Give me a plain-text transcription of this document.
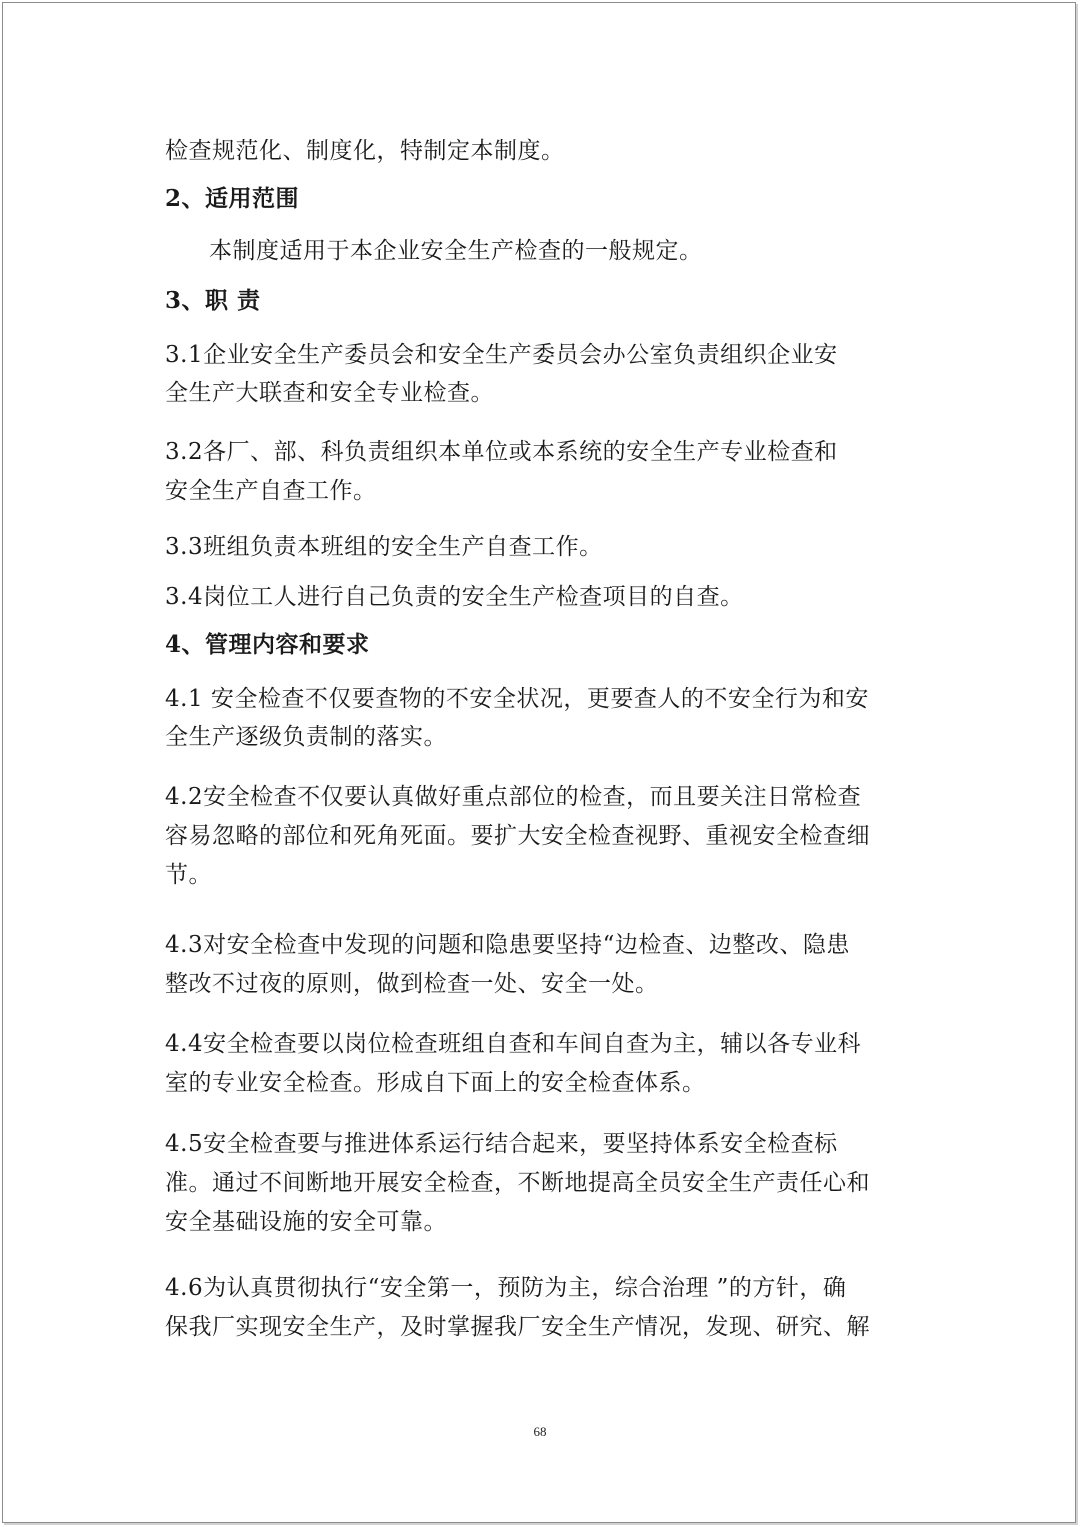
检查规范化、制度化，特制定本制度。
2、适用范围
本制度适用于本企业安全生产检查的一般规定。
3、职 责
3.1企业安全生产委员会和安全生产委员会办公室负责组织企业安
全生产大联查和安全专业检查。
3.2各厂、部、科负责组织本单位或本系统的安全生产专业检查和
安全生产自查工作。
3.3班组负责本班组的安全生产自查工作。
3.4岗位工人进行自己负责的安全生产检查项目的自查。
4、管理内容和要求
4.1 安全检查不仅要查物的不安全状况，更要查人的不安全行为和安
全生产逐级负责制的落实。
4.2安全检查不仅要认真做好重点部位的检查，而且要关注日常检查
容易忽略的部位和死角死面。要扩大安全检查视野、重视安全检查细
节。
4.3对安全检查中发现的问题和隐患要坚持“边检查、边整改、隐患
整改不过夜的原则，做到检查一处、安全一处。
4.4安全检查要以岗位检查班组自查和车间自查为主，辅以各专业科
室的专业安全检查。形成自下面上的安全检查体系。
4.5安全检查要与推进体系运行结合起来，要坚持体系安全检查标
准。通过不间断地开展安全检查，不断地提高全员安全生产责任心和
安全基础设施的安全可靠。
4.6为认真贯彻执行“安全第一，预防为主，综合治理 ”的方针，确
保我厂实现安全生产，及时掌握我厂安全生产情况，发现、研究、解
68
